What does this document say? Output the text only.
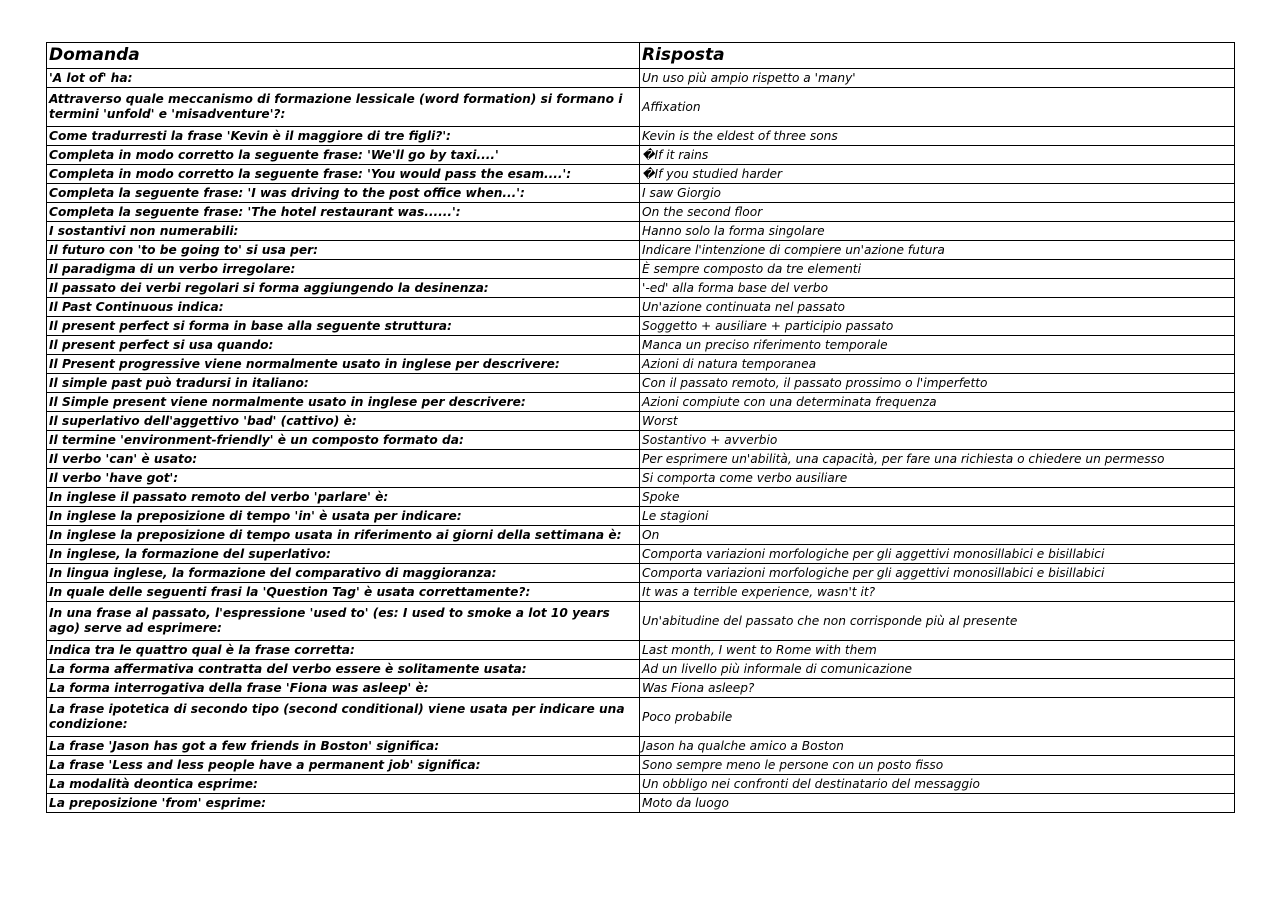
Domanda	Risposta
'A lot of' ha:	Un uso più ampio rispetto a 'many'
Attraverso quale meccanismo di formazione lessicale (word formation) si formano i termini 'unfold' e 'misadventure'?:	Affixation
Come tradurresti la frase 'Kevin è il maggiore di tre figli?':	Kevin is the eldest of three sons
Completa in modo corretto la seguente frase: 'We'll go by taxi....'	�If it rains
Completa in modo corretto la seguente frase: 'You would pass the esam....':	�If you studied harder
Completa la seguente frase: 'I was driving to the post office when...':	I saw Giorgio
Completa la seguente frase: 'The hotel restaurant was......':	On the second floor
I sostantivi non numerabili:	Hanno solo la forma singolare
Il futuro con 'to be going to' si usa per:	Indicare l'intenzione di compiere un'azione futura
Il paradigma di un verbo irregolare:	È sempre composto da tre elementi
Il passato dei verbi regolari si forma aggiungendo la desinenza:	'-ed' alla forma base del verbo
Il Past Continuous indica:	Un'azione continuata nel passato
Il present perfect si forma in base alla seguente struttura:	Soggetto + ausiliare + participio passato
Il present perfect si usa quando:	Manca un preciso riferimento temporale
Il Present progressive viene normalmente usato in inglese per descrivere:	Azioni di natura temporanea
Il simple past può tradursi in italiano:	Con il passato remoto, il passato prossimo o l'imperfetto
Il Simple present viene normalmente usato in inglese per descrivere:	Azioni compiute con una determinata frequenza
Il superlativo dell'aggettivo 'bad' (cattivo) è:	Worst
Il termine 'environment-friendly' è un composto formato da:	Sostantivo + avverbio
Il verbo 'can' è usato:	Per esprimere un'abilità, una capacità, per fare una richiesta o chiedere un permesso
Il verbo 'have got':	Si comporta come verbo ausiliare
In inglese il passato remoto del verbo 'parlare' è:	Spoke
In inglese la preposizione di tempo 'in' è usata per indicare:	Le stagioni
In inglese la preposizione di tempo usata in riferimento ai giorni della settimana è:	On
In inglese, la formazione del superlativo:	Comporta variazioni morfologiche per gli aggettivi monosillabici e bisillabici
In lingua inglese, la formazione del comparativo di maggioranza:	Comporta variazioni morfologiche per gli aggettivi monosillabici e bisillabici
In quale delle seguenti frasi la 'Question Tag' è usata correttamente?:	It was a terrible experience, wasn't it?
In una frase al passato, l'espressione 'used to' (es: I used to smoke a lot 10 years ago) serve ad esprimere:	Un'abitudine del passato che non corrisponde più al presente
Indica tra le quattro qual è la frase corretta:	Last month, I went to Rome with them
La forma affermativa contratta del verbo essere è solitamente usata:	Ad un livello più informale di comunicazione
La forma interrogativa della frase 'Fiona was asleep' è:	Was Fiona asleep?
La frase ipotetica di secondo tipo (second conditional) viene usata per indicare una condizione:	Poco probabile
La frase 'Jason has got a few friends in Boston' significa:	Jason ha qualche amico a Boston
La frase 'Less and less people have a permanent job' significa:	Sono sempre meno le persone con un posto fisso
La modalità deontica esprime:	Un obbligo nei confronti del destinatario del messaggio
La preposizione 'from' esprime:	Moto da luogo
